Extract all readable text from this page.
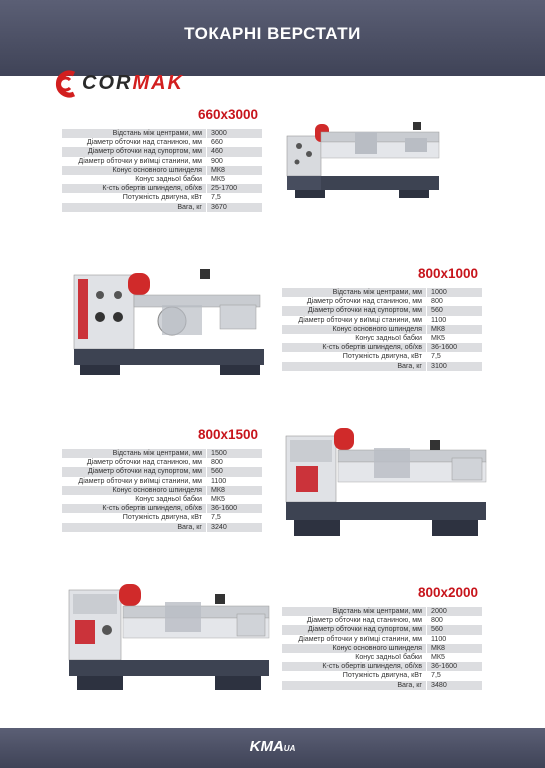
ТОКАРНІ ВЕРСТАТИ
CORMAK
660x3000
Відстань між центрами, мм	3000
Діаметр обточки над станиною, мм	660
Діаметр обточки над супортом, мм	460
Діаметр обточки у виїмці станини, мм	900
Конус основного шпинделя	МК8
Конус задньої бабки	МК5
К-сть обертів шпинделя, об/хв	25-1700
Потужність двигуна, кВт	7,5
Вага, кг	3670
800x1000
Відстань між центрами, мм	1000
Діаметр обточки над станиною, мм	800
Діаметр обточки над супортом, мм	560
Діаметр обточки у виїмці станини, мм	1100
Конус основного шпинделя	МК8
Конус задньої бабки	МК5
К-сть обертів шпинделя, об/хв	36-1600
Потужність двигуна, кВт	7,5
Вага, кг	3100
800x1500
Відстань між центрами, мм	1500
Діаметр обточки над станиною, мм	800
Діаметр обточки над супортом, мм	560
Діаметр обточки у виїмці станини, мм	1100
Конус основного шпинделя	МК8
Конус задньої бабки	МК5
К-сть обертів шпинделя, об/хв	36-1600
Потужність двигуна, кВт	7,5
Вага, кг	3240
800x2000
Відстань між центрами, мм	2000
Діаметр обточки над станиною, мм	800
Діаметр обточки над супортом, мм	560
Діаметр обточки у виїмці станини, мм	1100
Конус основного шпинделя	МК8
Конус задньої бабки	МК5
К-сть обертів шпинделя, об/хв	36-1600
Потужність двигуна, кВт	7,5
Вага, кг	3480
KMAUA
